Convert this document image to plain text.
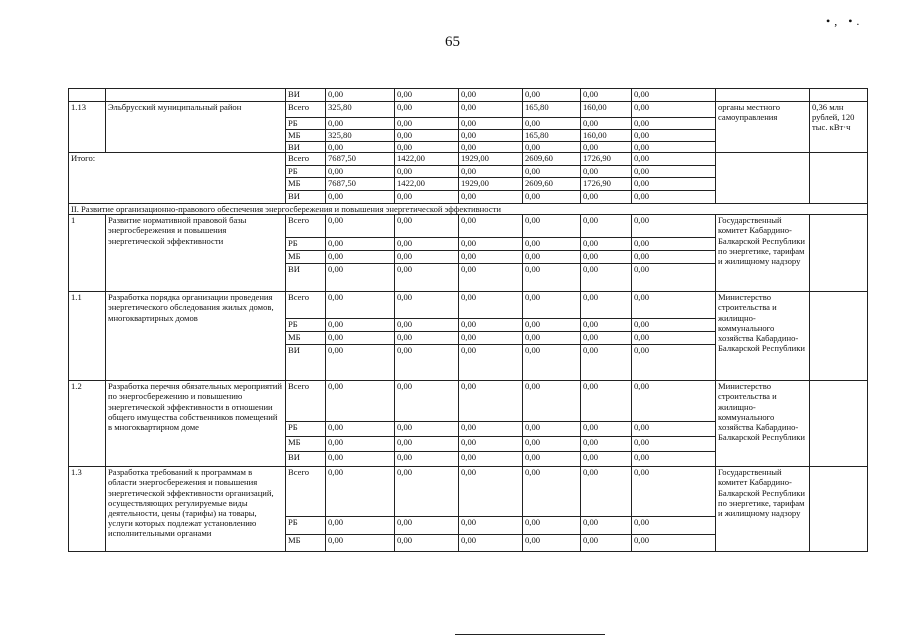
65
•, •.
		ВИ	0,00	0,00	0,00	0,00	0,00	0,00		
1.13	Эльбрусский муниципальный район	Всего	325,80	0,00	0,00	165,80	160,00	0,00	органы местного самоуправления	0,36 млн рублей, 120 тыс. кВт·ч
		РБ	0,00	0,00	0,00	0,00	0,00	0,00		
		МБ	325,80	0,00	0,00	165,80	160,00	0,00		
		ВИ	0,00	0,00	0,00	0,00	0,00	0,00		
Итого:		Всего	7687,50	1422,00	1929,00	2609,60	1726,90	0,00		
		РБ	0,00	0,00	0,00	0,00	0,00	0,00		
		МБ	7687,50	1422,00	1929,00	2609,60	1726,90	0,00		
		ВИ	0,00	0,00	0,00	0,00	0,00	0,00		
II. Развитие организационно-правового обеспечения энергосбережения и повышения энергетической эффективности										
1	Развитие нормативной правовой базы энергосбережения и повышения энергетической эффективности	Всего	0,00	0,00	0,00	0,00	0,00	0,00	Государственный комитет Кабардино-Балкарской Республики по энергетике, тарифам и жилищному надзору	
		РБ	0,00	0,00	0,00	0,00	0,00	0,00		
		МБ	0,00	0,00	0,00	0,00	0,00	0,00		
		ВИ	0,00	0,00	0,00	0,00	0,00	0,00		
1.1	Разработка порядка организации проведения энергетического обследования жилых домов, многоквартирных домов	Всего	0,00	0,00	0,00	0,00	0,00	0,00	Министерство строительства и жилищно-коммунального хозяйства Кабардино-Балкарской Республики	
		РБ	0,00	0,00	0,00	0,00	0,00	0,00		
		МБ	0,00	0,00	0,00	0,00	0,00	0,00		
		ВИ	0,00	0,00	0,00	0,00	0,00	0,00		
1.2	Разработка перечня обязательных мероприятий по энергосбережению и повышению энергетической эффективности в отношении общего имущества собственников помещений в многоквартирном доме	Всего	0,00	0,00	0,00	0,00	0,00	0,00	Министерство строительства и жилищно-коммунального хозяйства Кабардино-Балкарской Республики	
		РБ	0,00	0,00	0,00	0,00	0,00	0,00		
		МБ	0,00	0,00	0,00	0,00	0,00	0,00		
		ВИ	0,00	0,00	0,00	0,00	0,00	0,00		
1.3	Разработка требований к программам в области энергосбережения и повышения энергетической эффективности организаций, осуществляющих регулируемые виды деятельности, цены (тарифы) на товары, услуги которых подлежат установлению исполнительными органами	Всего	0,00	0,00	0,00	0,00	0,00	0,00	Государственный комитет Кабардино-Балкарской Республики по энергетике, тарифам и жилищному надзору	
		РБ	0,00	0,00	0,00	0,00	0,00	0,00		
		МБ	0,00	0,00	0,00	0,00	0,00	0,00		
